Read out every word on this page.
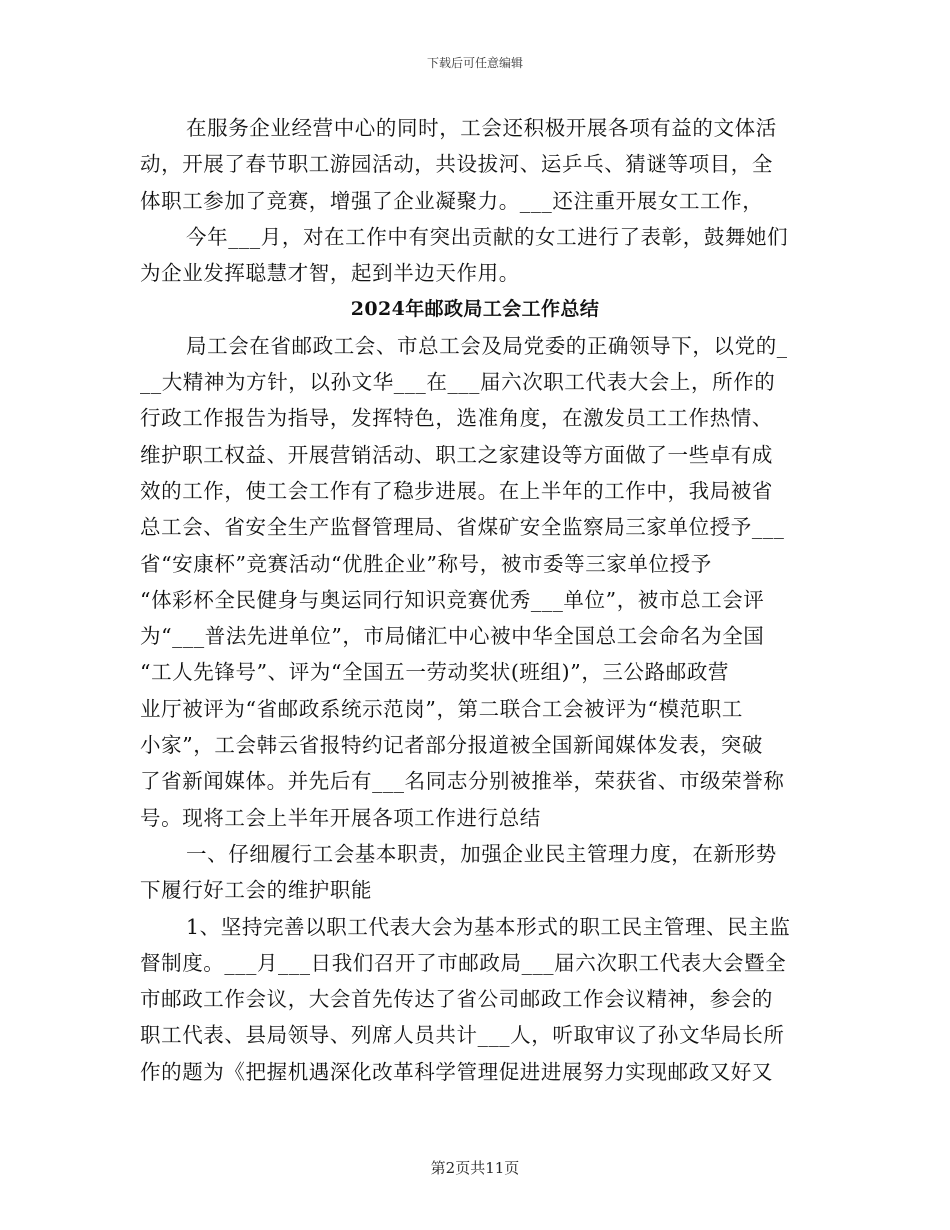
下载后可任意编辑
在服务企业经营中心的同时，工会还积极开展各项有益的文体活
动，开展了春节职工游园活动，共设拔河、运乒乓、猜谜等项目，全
体职工参加了竞赛，增强了企业凝聚力。___还注重开展女工工作，
今年___月，对在工作中有突出贡献的女工进行了表彰，鼓舞她们
为企业发挥聪慧才智，起到半边天作用。
2024年邮政局工会工作总结
局工会在省邮政工会、市总工会及局党委的正确领导下，以党的_
__大精神为方针，以孙文华___在___届六次职工代表大会上，所作的
行政工作报告为指导，发挥特色，选准角度，在激发员工工作热情、
维护职工权益、开展营销活动、职工之家建设等方面做了一些卓有成
效的工作，使工会工作有了稳步进展。在上半年的工作中，我局被省
总工会、省安全生产监督管理局、省煤矿安全监察局三家单位授予___
省“安康杯”竞赛活动“优胜企业”称号，被市委等三家单位授予
“体彩杯全民健身与奥运同行知识竞赛优秀___单位”，被市总工会评
为“___普法先进单位”，市局储汇中心被中华全国总工会命名为全国
“工人先锋号”、评为“全国五一劳动奖状(班组)”，三公路邮政营
业厅被评为“省邮政系统示范岗”，第二联合工会被评为“模范职工
小家”，工会韩云省报特约记者部分报道被全国新闻媒体发表，突破
了省新闻媒体。并先后有___名同志分别被推举，荣获省、市级荣誉称
号。现将工会上半年开展各项工作进行总结
一、仔细履行工会基本职责，加强企业民主管理力度，在新形势
下履行好工会的维护职能
1、坚持完善以职工代表大会为基本形式的职工民主管理、民主监
督制度。___月___日我们召开了市邮政局___届六次职工代表大会暨全
市邮政工作会议，大会首先传达了省公司邮政工作会议精神，参会的
职工代表、县局领导、列席人员共计___人，听取审议了孙文华局长所
作的题为《把握机遇深化改革科学管理促进进展努力实现邮政又好又
第2页共11页
